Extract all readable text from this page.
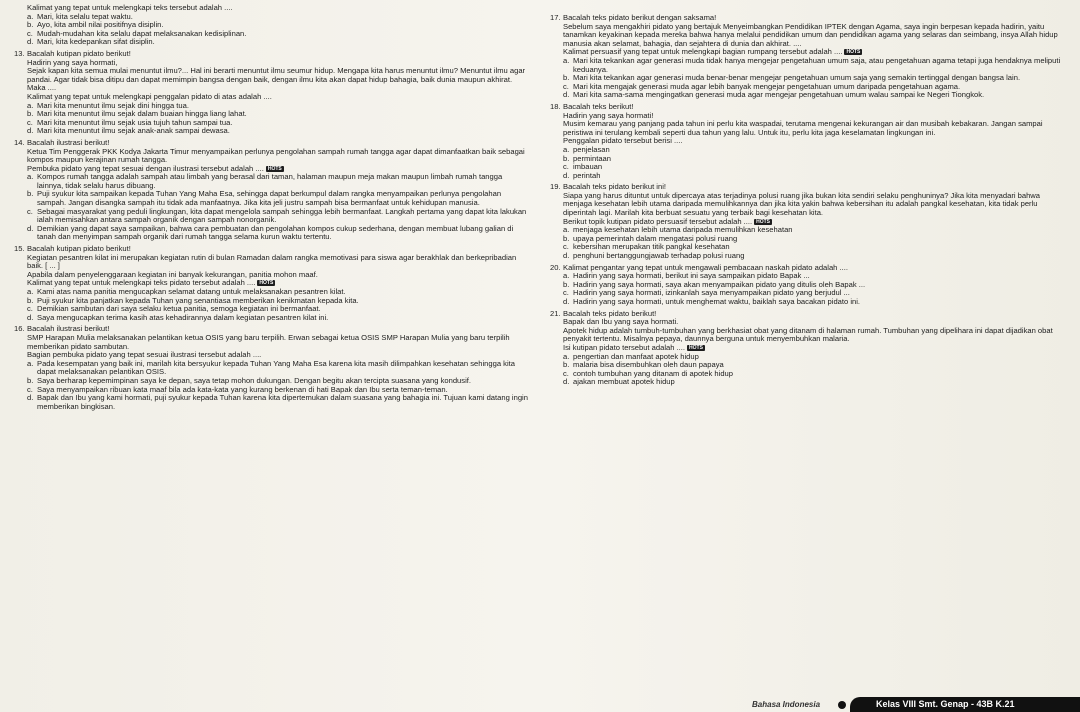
Kalimat yang tepat untuk melengkapi teks tersebut adalah ....
a. Mari, kita selalu tepat waktu.
b. Ayo, kita ambil nilai positifnya disiplin.
c. Mudah-mudahan kita selalu dapat melaksanakan kedisiplinan.
d. Mari, kita kedepankan sifat disiplin.
13. Bacalah kutipan pidato berikut!
Hadirin yang saya hormati,
Sejak kapan kita semua mulai menuntut ilmu?... Hal ini berarti menuntut ilmu seumur hidup. Mengapa kita harus menuntut ilmu? Menuntut ilmu agar pandai. Agar tidak bisa ditipu dan dapat memimpin bangsa dengan baik, dengan ilmu kita akan dapat hidup bahagia, baik dunia maupun akhirat. Maka ....
Kalimat yang tepat untuk melengkapi penggalan pidato di atas adalah ....
a. Mari kita menuntut ilmu sejak dini hingga tua.
b. Mari kita menuntut ilmu sejak dalam buaian hingga liang lahat.
c. Mari kita menuntut ilmu sejak usia tujuh tahun sampai tua.
d. Mari kita menuntut ilmu sejak anak-anak sampai dewasa.
14. Bacalah ilustrasi berikut!
Ketua Tim Penggerak PKK Kodya Jakarta Timur menyampaikan perlunya pengolahan sampah rumah tangga agar dapat dimanfaatkan baik sebagai kompos maupun kerajinan rumah tangga.
Pembuka pidato yang tepat sesuai dengan ilustrasi tersebut adalah .... HOTS
a. Kompos rumah tangga adalah sampah atau limbah yang berasal dari taman, halaman maupun meja makan maupun limbah rumah tangga lainnya, tidak selalu harus dibuang.
b. Puji syukur kita sampaikan kepada Tuhan Yang Maha Esa, sehingga dapat berkumpul dalam rangka menyampaikan perlunya pengolahan sampah. Jangan disangka sampah itu tidak ada manfaatnya. Jika kita jeli justru sampah bisa bermanfaat untuk kehidupan manusia.
c. Sebagai masyarakat yang peduli lingkungan, kita dapat mengelola sampah sehingga lebih bermanfaat. Langkah pertama yang dapat kita lakukan ialah memisahkan antara sampah organik dengan sampah nonorganik.
d. Demikian yang dapat saya sampaikan, bahwa cara pembuatan dan pengolahan kompos cukup sederhana, dengan membuat lubang galian di tanah dan menyimpan sampah organik dari rumah tangga selama kurun waktu tertentu.
15. Bacalah kutipan pidato berikut!
Kegiatan pesantren kilat ini merupakan kegiatan rutin di bulan Ramadan dalam rangka memotivasi para siswa agar berakhlak dan berkepribadian baik. [ ... ]
Apabila dalam penyelenggaraan kegiatan ini banyak kekurangan, panitia mohon maaf.
Kalimat yang tepat untuk melengkapi teks pidato tersebut adalah .... HOTS
a. Kami atas nama panitia mengucapkan selamat datang untuk melaksanakan pesantren kilat.
b. Puji syukur kita panjatkan kepada Tuhan yang senantiasa memberikan kenikmatan kepada kita.
c. Demikian sambutan dari saya selaku ketua panitia, semoga kegiatan ini bermanfaat.
d. Saya mengucapkan terima kasih atas kehadirannya dalam kegiatan pesantren kilat ini.
16. Bacalah ilustrasi berikut!
SMP Harapan Mulia melaksanakan pelantikan ketua OSIS yang baru terpilih. Erwan sebagai ketua OSIS SMP Harapan Mulia yang baru terpilih memberikan pidato sambutan.
Bagian pembuka pidato yang tepat sesuai ilustrasi tersebut adalah ....
a. Pada kesempatan yang baik ini, marilah kita bersyukur kepada Tuhan Yang Maha Esa karena kita masih dilimpahkan kesehatan sehingga kita dapat melaksanakan pelantikan OSIS.
b. Saya berharap kepemimpinan saya ke depan, saya tetap mohon dukungan. Dengan begitu akan tercipta suasana yang kondusif.
c. Saya menyampaikan ribuan kata maaf bila ada kata-kata yang kurang berkenan di hati Bapak dan Ibu serta teman-teman.
d. Bapak dan Ibu yang kami hormati, puji syukur kepada Tuhan karena kita dipertemukan dalam suasana yang bahagia ini. Tujuan kami datang ingin memberikan bingkisan.
17. Bacalah teks pidato berikut dengan saksama!
Sebelum saya mengakhiri pidato yang bertajuk Menyeimbangkan Pendidikan IPTEK dengan Agama, saya ingin berpesan kepada hadirin, yaitu tanamkan keyakinan kepada mereka bahwa hanya melalui pendidikan umum dan pendidikan agama yang selaras dan seimbang, insya Allah hidup manusia akan selamat, bahagia, dan sejahtera di dunia dan akhirat. ....
Kalimat persuasif yang tepat untuk melengkapi bagian rumpang tersebut adalah .... HOTS
a. Mari kita tekankan agar generasi muda tidak hanya mengejar pengetahuan umum saja, atau pengetahuan agama tetapi juga hendaknya meliputi keduanya.
b. Mari kita tekankan agar generasi muda benar-benar mengejar pengetahuan umum saja yang semakin tertinggal dengan bangsa lain.
c. Mari kita mengajak generasi muda agar lebih banyak mengejar pengetahuan umum daripada pengetahuan agama.
d. Mari kita sama-sama mengingatkan generasi muda agar mengejar pengetahuan umum walau sampai ke Negeri Tiongkok.
18. Bacalah teks berikut!
Hadirin yang saya hormati!
Musim kemarau yang panjang pada tahun ini perlu kita waspadai, terutama mengenai kekurangan air dan musibah kebakaran. Jangan sampai peristiwa ini terulang kembali seperti dua tahun yang lalu. Untuk itu, perlu kita jaga keselamatan lingkungan ini.
Penggalan pidato tersebut berisi ....
a. penjelasan
b. permintaan
c. imbauan
d. perintah
19. Bacalah teks pidato berikut ini!
Siapa yang harus dituntut untuk dipercaya atas terjadinya polusi ruang jika bukan kita sendiri selaku penghuninya? Jika kita menyadari bahwa menjaga kesehatan lebih utama daripada memulihkannya dan jika kita yakin bahwa kebersihan itu adalah pangkal kesehatan, kita tidak perlu diperintah lagi. Marilah kita berbuat sesuatu yang terbaik bagi kesehatan kita.
Berikut topik kutipan pidato persuasif tersebut adalah .... HOTS
a. menjaga kesehatan lebih utama daripada memulihkan kesehatan
b. upaya pemerintah dalam mengatasi polusi ruang
c. kebersihan merupakan titik pangkal kesehatan
d. penghuni bertanggungjawab terhadap polusi ruang
20. Kalimat pengantar yang tepat untuk mengawali pembacaan naskah pidato adalah ....
a. Hadirin yang saya hormati, berikut ini saya sampaikan pidato Bapak ...
b. Hadirin yang saya hormati, saya akan menyampaikan pidato yang ditulis oleh Bapak ...
c. Hadirin yang saya hormati, izinkanlah saya menyampaikan pidato yang berjudul ...
d. Hadirin yang saya hormati, untuk menghemat waktu, baiklah saya bacakan pidato ini.
21. Bacalah teks pidato berikut!
Bapak dan Ibu yang saya hormati.
Apotek hidup adalah tumbuh-tumbuhan yang berkhasiat obat yang ditanam di halaman rumah. Tumbuhan yang dipelihara ini dapat dijadikan obat penyakit tertentu. Misalnya pepaya, daunnya berguna untuk menyembuhkan malaria.
Isi kutipan pidato tersebut adalah .... HOTS
a. pengertian dan manfaat apotek hidup
b. malaria bisa disembuhkan oleh daun papaya
c. contoh tumbuhan yang ditanam di apotek hidup
d. ajakan membuat apotek hidup
Bahasa Indonesia	Kelas VIII Smt. Genap - 43B K.21
